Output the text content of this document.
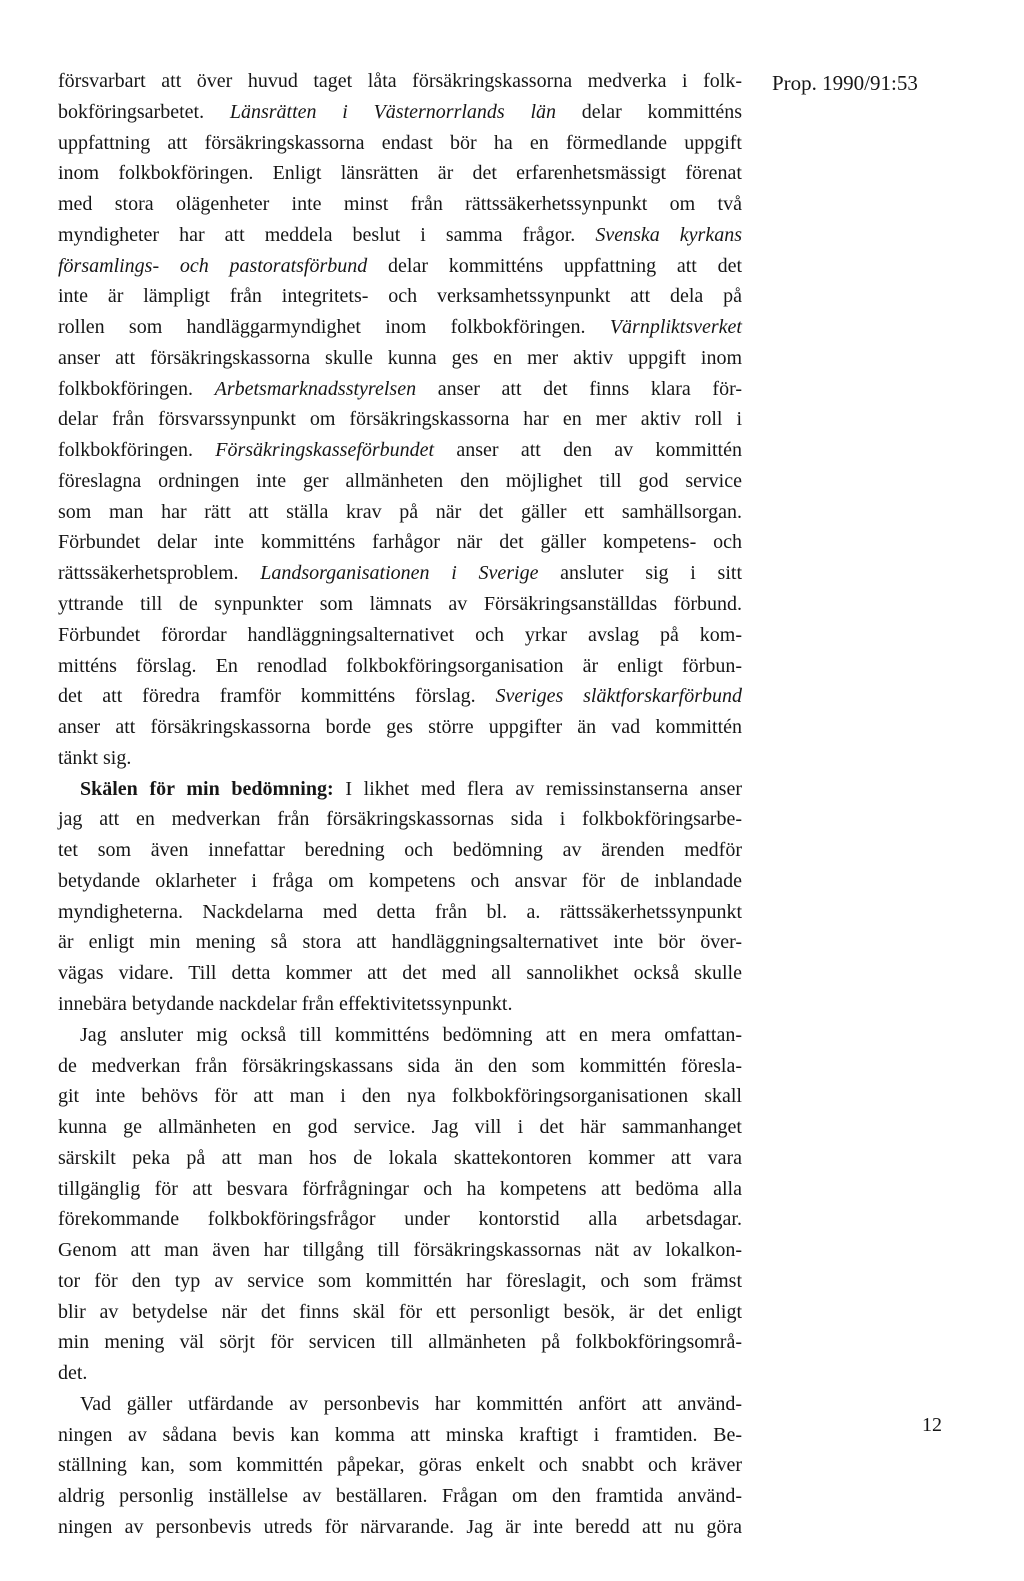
Prop. 1990/91:53
försvarbart att över huvud taget låta försäkringskassorna medverka i folk-
bokföringsarbetet. Länsrätten i Västernorrlands län delar kommitténs
uppfattning att försäkringskassorna endast bör ha en förmedlande uppgift
inom folkbokföringen. Enligt länsrätten är det erfarenhetsmässigt förenat
med stora olägenheter inte minst från rättssäkerhetssynpunkt om två
myndigheter har att meddela beslut i samma frågor. Svenska kyrkans
församlings- och pastoratsförbund delar kommitténs uppfattning att det
inte är lämpligt från integritets- och verksamhetssynpunkt att dela på
rollen som handläggarmyndighet inom folkbokföringen. Värnpliktsverket
anser att försäkringskassorna skulle kunna ges en mer aktiv uppgift inom
folkbokföringen. Arbetsmarknadsstyrelsen anser att det finns klara för-
delar från försvarssynpunkt om försäkringskassorna har en mer aktiv roll i
folkbokföringen. Försäkringskasseförbundet anser att den av kommittén
föreslagna ordningen inte ger allmänheten den möjlighet till god service
som man har rätt att ställa krav på när det gäller ett samhällsorgan.
Förbundet delar inte kommitténs farhågor när det gäller kompetens- och
rättssäkerhetsproblem. Landsorganisationen i Sverige ansluter sig i sitt
yttrande till de synpunkter som lämnats av Försäkringsanställdas förbund.
Förbundet förordar handläggningsalternativet och yrkar avslag på kom-
mitténs förslag. En renodlad folkbokföringsorganisation är enligt förbun-
det att föredra framför kommitténs förslag. Sveriges släktforskarförbund
anser att försäkringskassorna borde ges större uppgifter än vad kommittén
tänkt sig.
Skälen för min bedömning: I likhet med flera av remissinstanserna anser
jag att en medverkan från försäkringskassornas sida i folkbokföringsarbe-
tet som även innefattar beredning och bedömning av ärenden medför
betydande oklarheter i fråga om kompetens och ansvar för de inblandade
myndigheterna. Nackdelarna med detta från bl. a. rättssäkerhetssynpunkt
är enligt min mening så stora att handläggningsalternativet inte bör över-
vägas vidare. Till detta kommer att det med all sannolikhet också skulle
innebära betydande nackdelar från effektivitetssynpunkt.
Jag ansluter mig också till kommitténs bedömning att en mera omfattan-
de medverkan från försäkringskassans sida än den som kommittén föresla-
git inte behövs för att man i den nya folkbokföringsorganisationen skall
kunna ge allmänheten en god service. Jag vill i det här sammanhanget
särskilt peka på att man hos de lokala skattekontoren kommer att vara
tillgänglig för att besvara förfrågningar och ha kompetens att bedöma alla
förekommande folkbokföringsfrågor under kontorstid alla arbetsdagar.
Genom att man även har tillgång till försäkringskassornas nät av lokalkon-
tor för den typ av service som kommittén har föreslagit, och som främst
blir av betydelse när det finns skäl för ett personligt besök, är det enligt
min mening väl sörjt för servicen till allmänheten på folkbokföringsområ-
det.
Vad gäller utfärdande av personbevis har kommittén anfört att använd-
ningen av sådana bevis kan komma att minska kraftigt i framtiden. Be-
ställning kan, som kommittén påpekar, göras enkelt och snabbt och kräver
aldrig personlig inställelse av beställaren. Frågan om den framtida använd-
ningen av personbevis utreds för närvarande. Jag är inte beredd att nu göra
12
